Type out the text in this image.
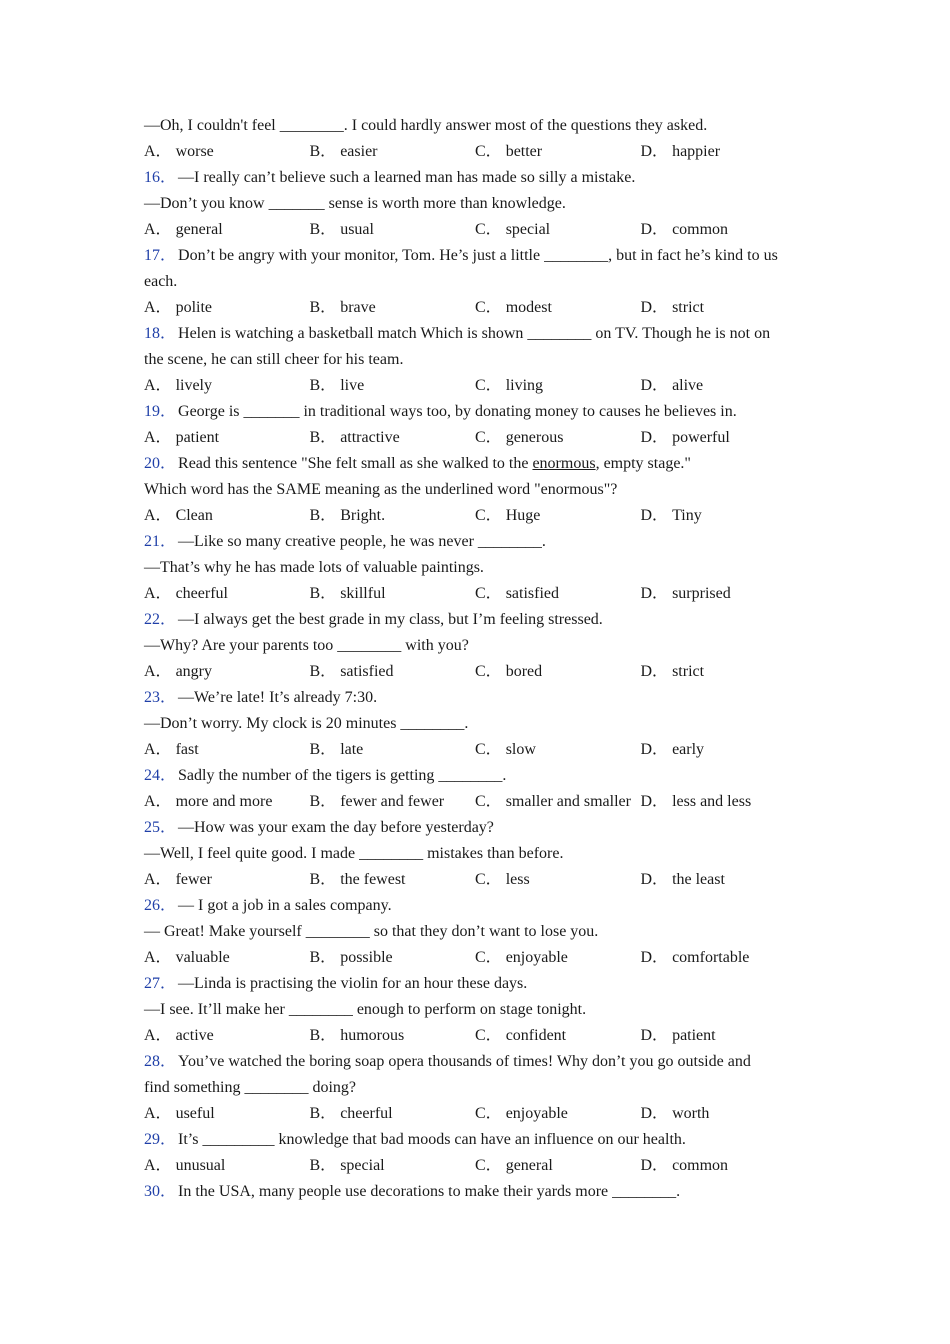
—Oh, I couldn't feel ________. I could hardly answer most of the questions they asked.
A． worse	B． easier	C． better	D． happier
16 ． —I really can’t believe such a learned man has made so silly a mistake.
—Don’t you know _______ sense is worth more than knowledge.
A． general	B． usual	C． special	D． common
17 ． Don’t be angry with your monitor, Tom. He’s just a little ________, but in fact he’s kind to us
each.
A． polite	B． brave	C． modest	D． strict
18 ． Helen is watching a basketball match Which is shown ________ on TV. Though he is not on
the scene, he can still cheer for his team.
A． lively	B． live	C． living	D． alive
19 ． George is _______ in traditional ways too, by donating money to causes he believes in.
A． patient	B． attractive	C． generous	D． powerful
20 ． Read this sentence "She felt small as she walked to the enormous, empty stage."
Which word has the SAME meaning as the underlined word "enormous"?
A． Clean	B． Bright.	C． Huge	D． Tiny
21 ． —Like so many creative people, he was never ________.
—That’s why he has made lots of valuable paintings.
A． cheerful	B． skillful	C． satisfied	D． surprised
22 ． —I always get the best grade in my class, but I’m feeling stressed.
—Why? Are your parents too ________ with you?
A． angry	B． satisfied	C． bored	D． strict
23 ． —We’re late! It’s already 7:30.
—Don’t worry. My clock is 20 minutes ________.
A． fast	B． late	C． slow	D． early
24 ． Sadly the number of the tigers is getting ________.
A． more and more	B． fewer and fewer	C． smaller and smaller D． less and less
25 ． —How was your exam the day before yesterday?
—Well, I feel quite good. I made ________ mistakes than before.
A． fewer	B． the fewest	C． less	D． the least
26 ． — I got a job in a sales company.
— Great! Make yourself ________ so that they don’t want to lose you.
A． valuable	B． possible	C． enjoyable	D． comfortable
27 ． —Linda is practising the violin for an hour these days.
—I see. It’ll make her ________ enough to perform on stage tonight.
A． active	B． humorous	C． confident	D． patient
28 ． You’ve watched the boring soap opera thousands of times! Why don’t you go outside and
find something ________ doing?
A． useful	B． cheerful	C． enjoyable	D． worth
29 ． It’s _________ knowledge that bad moods can have an influence on our health.
A． unusual	B． special	C． general	D． common
30 ． In the USA, many people use decorations to make their yards more ________.
